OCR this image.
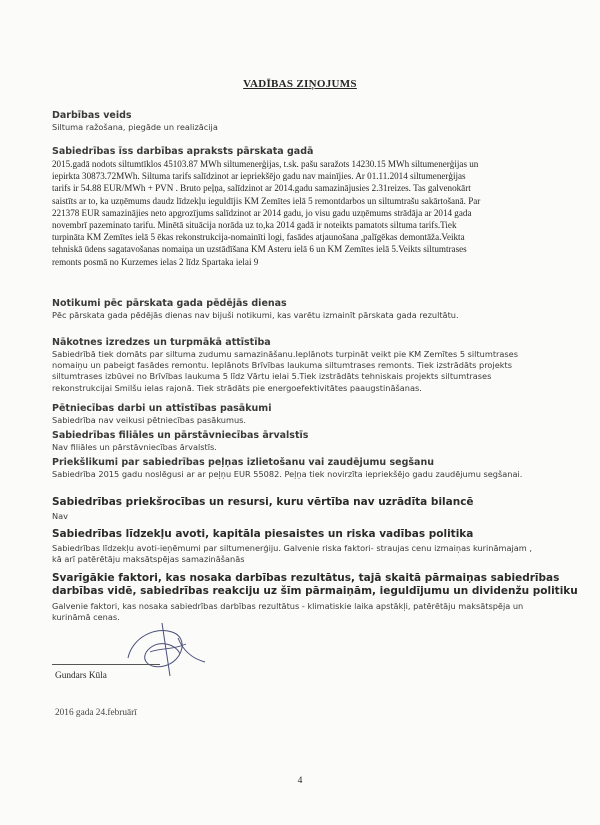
VADĪBAS ZIŅOJUMS
Darbības veids

Siltuma ražošana, piegāde un realizācija

Sabiedrības īss darbības apraksts pārskata gadā

2015.gadā nodots siltumtīklos 45103.87 MWh siltumenerģijas, t.sk. pašu saražots 14230.15 MWh siltumenerģijas un
iepirkta 30873.72MWh. Siltuma tarifs salīdzinot ar iepriekšējo gadu nav mainījies. Ar 01.11.2014 siltumenerģijas
tarifs ir 54.88 EUR/MWh + PVN . Bruto peļņa, salīdzinot ar 2014.gadu samazinājusies 2.31reizes. Tas galvenokārt
saistīts ar to, ka uzņēmums daudz līdzekļu ieguldījis KM Zemītes ielā 5 remontdarbos un siltumtrašu sakārtošanā. Par
221378 EUR samazinājies neto apgrozījums salīdzinot ar 2014 gadu, jo visu gadu uzņēmums strādāja ar 2014 gada
novembrī pazeminato tarifu. Minētā situācija norāda uz to,ka 2014 gadā ir noteikts pamatots siltuma tarifs.Tiek
turpināta KM Zemītes ielā 5 ēkas rekonstrukcija-nomainīti logi, fasādes atjaunošana ,palīgēkas demontāža.Veikta
tehniskā ūdens sagatavošanas nomaiņa un uzstādīšana KM Asteru ielā 6 un KM Zemītes ielā 5.Veikts siltumtrases
remonts posmā no Kurzemes ielas 2 līdz Spartaka ielai 9

Notikumi pēc pārskata gada pēdējās dienas

Pēc pārskata gada pēdējās dienas nav bijuši notikumi, kas varētu izmainīt pārskata gada rezultātu.

Nākotnes izredzes un turpmākā attīstība

Sabiedrībā tiek domāts par siltuma zudumu samazināšanu.Ieplānots turpināt veikt pie KM Zemītes 5 siltumtrases
nomaiņu un pabeigt fasādes remontu. Ieplānots Brīvības laukuma siltumtrases remonts. Tiek izstrādāts projekts
siltumtrases izbūvei no Brīvības laukuma 5 līdz Vārtu ielai 5.Tiek izstrādāts tehniskais projekts siltumtrases
rekonstrukcijai Smilšu ielas rajonā. Tiek strādāts pie energoefektivitātes paaugstināšanas.

Pētniecības darbi un attīstības pasākumi

Sabiedrība nav veikusi pētniecības pasākumus.

Sabiedrības filiāles un pārstāvniecības ārvalstīs

Nav filiāles un pārstāvniecības ārvalstīs.

Priekšlikumi par sabiedrības peļņas izlietošanu vai zaudējumu segšanu

Sabiedrība 2015 gadu noslēgusi ar ar peļņu EUR 55082. Peļņa tiek novirzīta iepriekšējo gadu zaudējumu segšanai.

Sabiedrības priekšrocības un resursi, kuru vērtība nav uzrādīta bilancē

Nav

Sabiedrības līdzekļu avoti, kapitāla piesaistes un riska vadības politika

Sabiedrības līdzekļu avoti-ieņēmumi par siltumenerģiju. Galvenie riska faktori- straujas cenu izmaiņas kurināmajam ,
kā arī patērētāju maksātspējas samazināšanās

Svarīgākie faktori, kas nosaka darbības rezultātus, tajā skaitā pārmaiņas sabiedrības
darbības vidē, sabiedrības reakciju uz šīm pārmaiņām, ieguldījumu un dividenžu politiku

Galvenie faktori, kas nosaka sabiedrības darbības rezultātus - klimatiskie laika apstākļi, patērētāju maksātspēja un
kurināmā cenas.

Gundars Kūla
2016 gada 24.februārī
4
